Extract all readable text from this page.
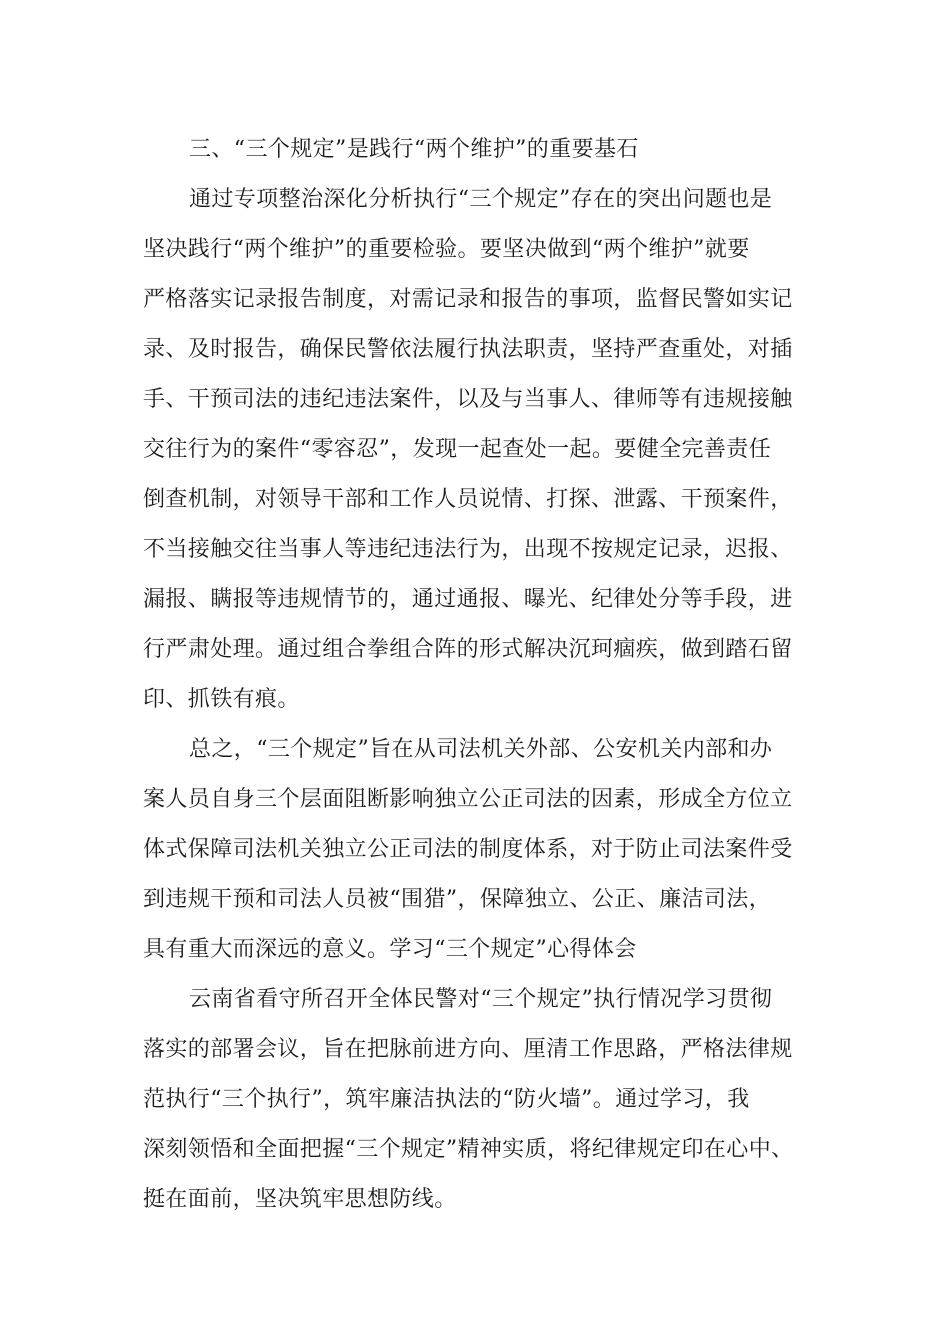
三、“三个规定”是践行“两个维护”的重要基石
通过专项整治深化分析执行“三个规定”存在的突出问题也是
坚决践行“两个维护”的重要检验。要坚决做到“两个维护”就要
严格落实记录报告制度，对需记录和报告的事项，监督民警如实记
录、及时报告，确保民警依法履行执法职责，坚持严查重处，对插
手、干预司法的违纪违法案件，以及与当事人、律师等有违规接触
交往行为的案件“零容忍”，发现一起查处一起。要健全完善责任
倒查机制，对领导干部和工作人员说情、打探、泄露、干预案件，
不当接触交往当事人等违纪违法行为，出现不按规定记录，迟报、
漏报、瞒报等违规情节的，通过通报、曝光、纪律处分等手段，进
行严肃处理。通过组合拳组合阵的形式解决沉珂痼疾，做到踏石留
印、抓铁有痕。
总之，“三个规定”旨在从司法机关外部、公安机关内部和办
案人员自身三个层面阻断影响独立公正司法的因素，形成全方位立
体式保障司法机关独立公正司法的制度体系，对于防止司法案件受
到违规干预和司法人员被“围猎”，保障独立、公正、廉洁司法，
具有重大而深远的意义。学习“三个规定”心得体会
云南省看守所召开全体民警对“三个规定”执行情况学习贯彻
落实的部署会议，旨在把脉前进方向、厘清工作思路，严格法律规
范执行“三个执行”，筑牢廉洁执法的“防火墙”。通过学习，我
深刻领悟和全面把握“三个规定”精神实质，将纪律规定印在心中、
挺在面前，坚决筑牢思想防线。
